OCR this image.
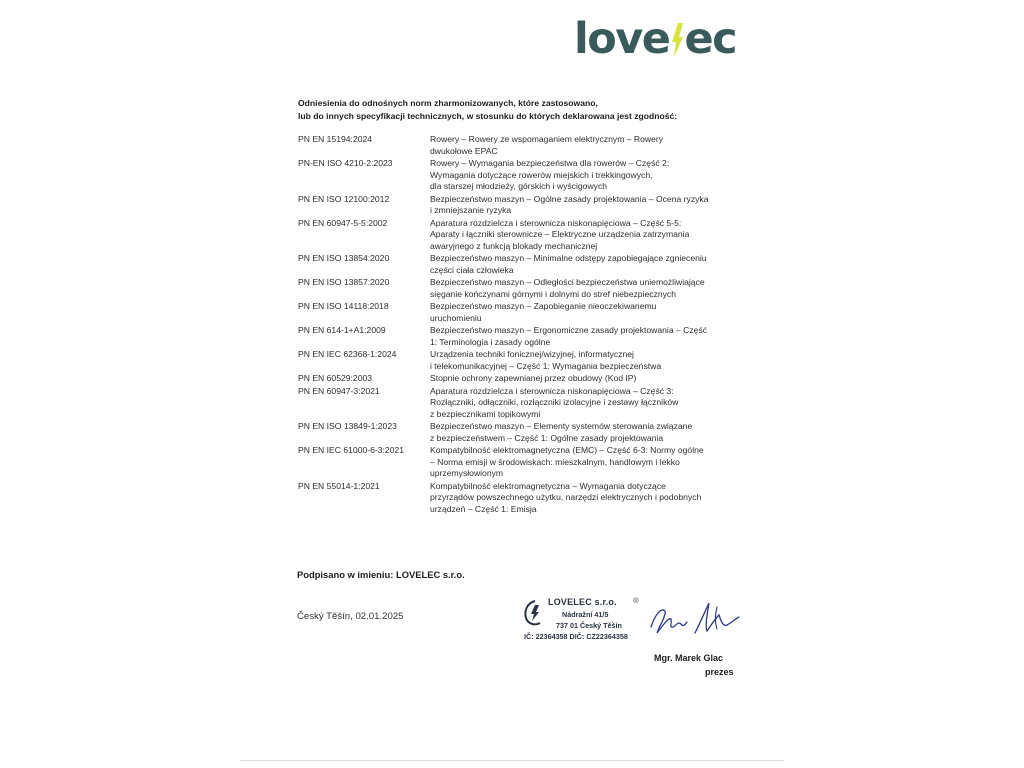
love ec
Odniesienia do odnośnych norm zharmonizowanych, które zastosowano,
lub do innych specyfikacji technicznych, w stosunku do których deklarowana jest zgodność:
PN EN 15194:2024	Rowery – Rowery ze wspomaganiem elektrycznym – Rowery
dwukołowe EPAC
PN-EN ISO 4210-2:2023	Rowery – Wymagania bezpieczeństwa dla rowerów – Część 2:
Wymagania dotyczące rowerów miejskich i trekkingowych,
dla starszej młodzieży, górskich i wyścigowych
PN EN ISO 12100:2012	Bezpieczeństwo maszyn – Ogólne zasady projektowania – Ocena ryzyka
i zmniejszanie ryzyka
PN EN 60947-5-5:2002	Aparatura rozdzielcza i sterownicza niskonapięciowa – Część 5-5:
Aparaty i łączniki sterownicze – Elektryczne urządzenia zatrzymania
awaryjnego z funkcją blokady mechanicznej
PN EN ISO 13854:2020	Bezpieczeństwo maszyn – Minimalne odstępy zapobiegające zgnieceniu
części ciała człowieka
PN EN ISO 13857:2020	Bezpieczeństwo maszyn – Odległości bezpieczeństwa uniemożliwiające
sięganie kończynami górnymi i dolnymi do stref niebezpiecznych
PN EN ISO 14118:2018	Bezpieczeństwo maszyn – Zapobieganie nieoczekiwanemu
uruchomieniu
PN EN 614-1+A1:2009	Bezpieczeństwo maszyn – Ergonomiczne zasady projektowania – Część
1: Terminologia i zasady ogólne
PN EN IEC 62368-1:2024	Urządzenia techniki fonicznej/wizyjnej, informatycznej
i telekomunikacyjnej – Część 1: Wymagania bezpieczeństwa
PN EN 60529:2003	Stopnie ochrony zapewnianej przez obudowy (Kod IP)
PN EN 60947-3:2021	Aparatura rozdzielcza i sterownicza niskonapięciowa – Część 3:
Rozłączniki, odłączniki, rozłączniki izolacyjne i zestawy łączników
z bezpiecznikami topikowymi
PN EN ISO 13849-1:2023	Bezpieczeństwo maszyn – Elementy systemów sterowania związane
z bezpieczeństwem – Część 1: Ogólne zasady projektowania
PN EN IEC 61000-6-3:2021	Kompatybilność elektromagnetyczna (EMC) – Część 6-3: Normy ogólne
– Norma emisji w środowiskach: mieszkalnym, handlowym i lekko
uprzemysłowionym
PN EN 55014-1:2021	Kompatybilność elektromagnetyczna – Wymagania dotyczące
przyrządów powszechnego użytku, narzędzi elektrycznych i podobnych
urządzeń – Część 1: Emisja
Podpisano w imieniu: LOVELEC s.r.o.
Český Těšín, 02.01.2025
LOVELEC s.r.o. ®
Nádražní 41/5
737 01 Český Těšín
IČ: 22364358 DIČ: CZ22364358
Mgr. Marek Glac
prezes
